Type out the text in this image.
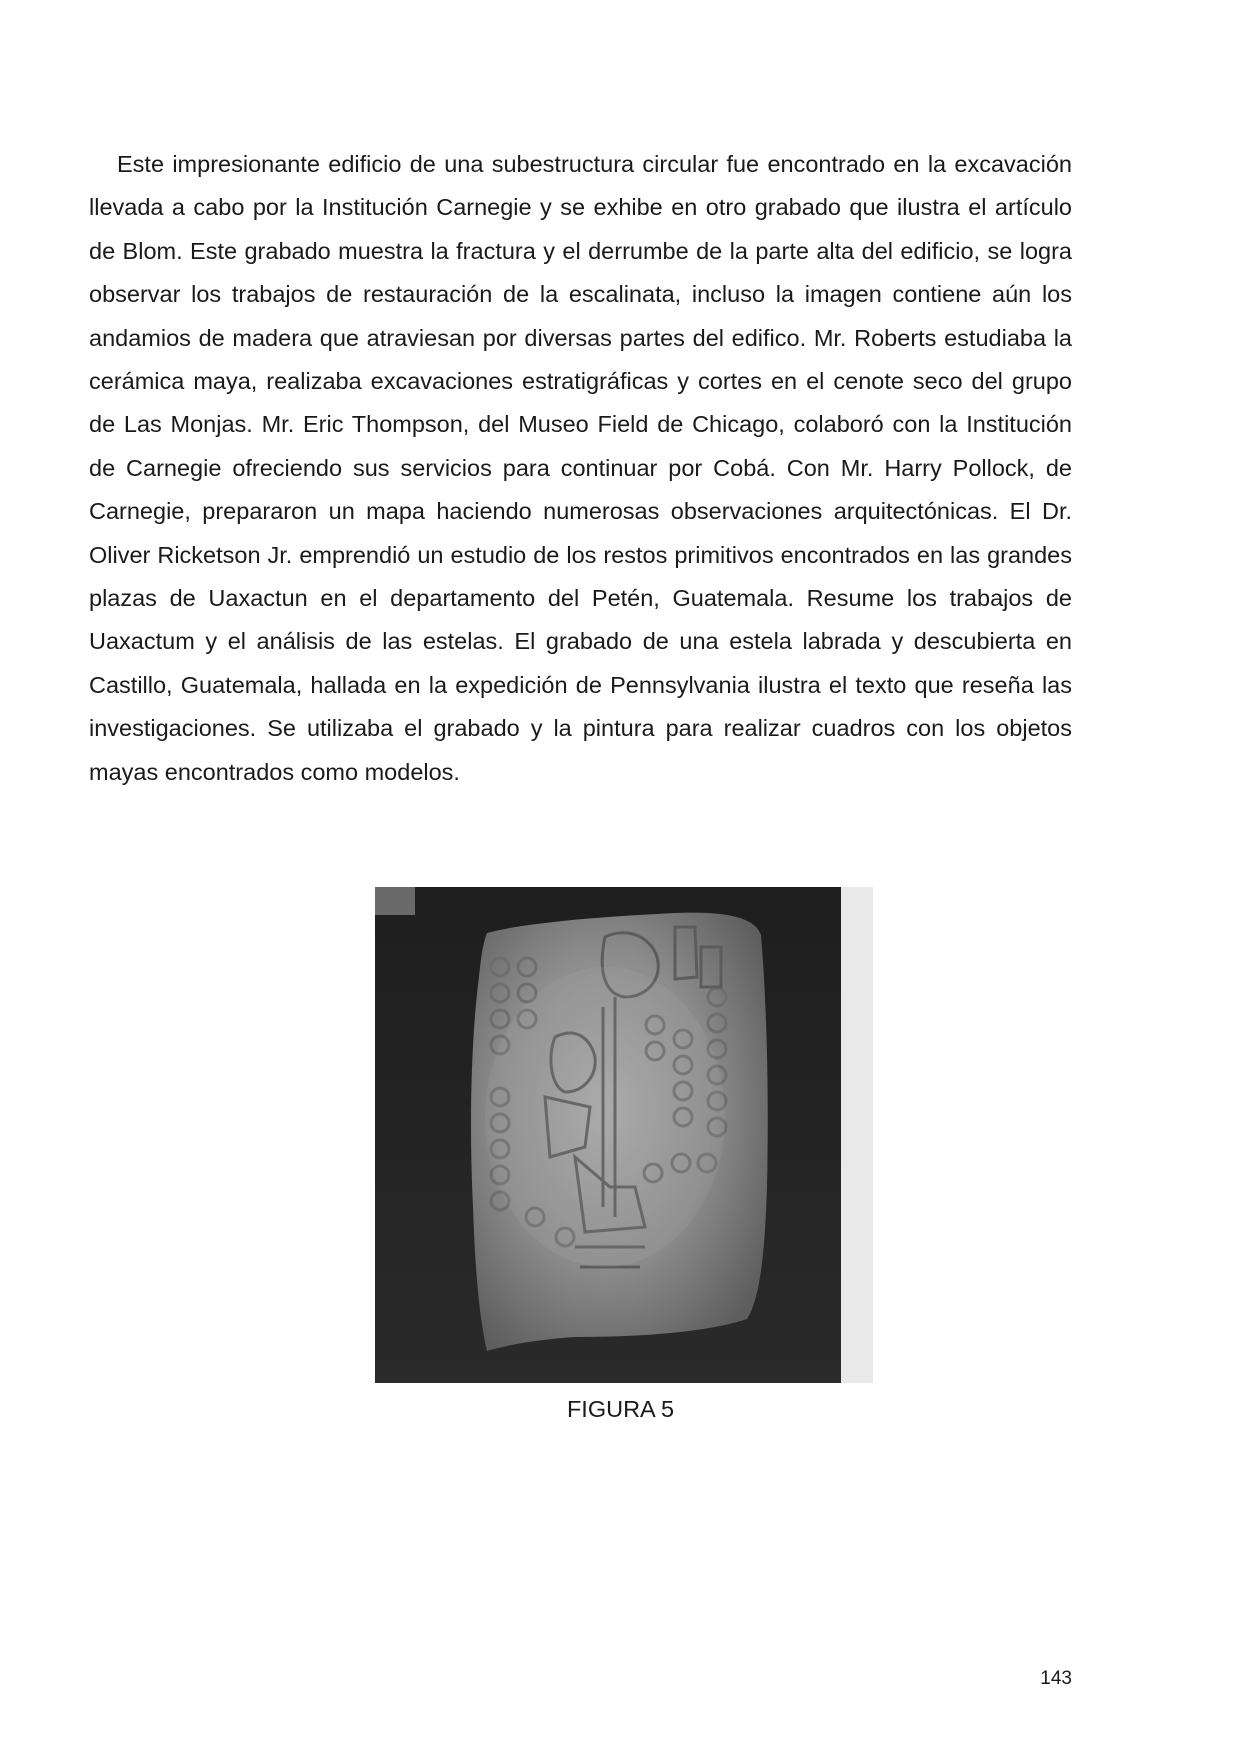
Este impresionante edificio de una subestructura circular fue encontrado en la excavación llevada a cabo por la Institución Carnegie y se exhibe en otro grabado que ilustra el artículo de Blom. Este grabado muestra la fractura y el derrumbe de la parte alta del edificio, se logra observar los trabajos de restauración de la escalinata, incluso la imagen contiene aún los andamios de madera que atraviesan por diversas partes del edifico. Mr. Roberts estudiaba la cerámica maya, realizaba excavaciones estratigráficas y cortes en el cenote seco del grupo de Las Monjas. Mr. Eric Thompson, del Museo Field de Chicago, colaboró con la Institución de Carnegie ofreciendo sus servicios para continuar por Cobá. Con Mr. Harry Pollock, de Carnegie, prepararon un mapa haciendo numerosas observaciones arquitectónicas. El Dr. Oliver Ricketson Jr. emprendió un estudio de los restos primitivos encontrados en las grandes plazas de Uaxactun en el departamento del Petén, Guatemala. Resume los trabajos de Uaxactum y el análisis de las estelas. El grabado de una estela labrada y descubierta en Castillo, Guatemala, hallada en la expedición de Pennsylvania ilustra el texto que reseña las investigaciones. Se utilizaba el grabado y la pintura para realizar cuadros con los objetos mayas encontrados como modelos.

FIGURA 5
143
